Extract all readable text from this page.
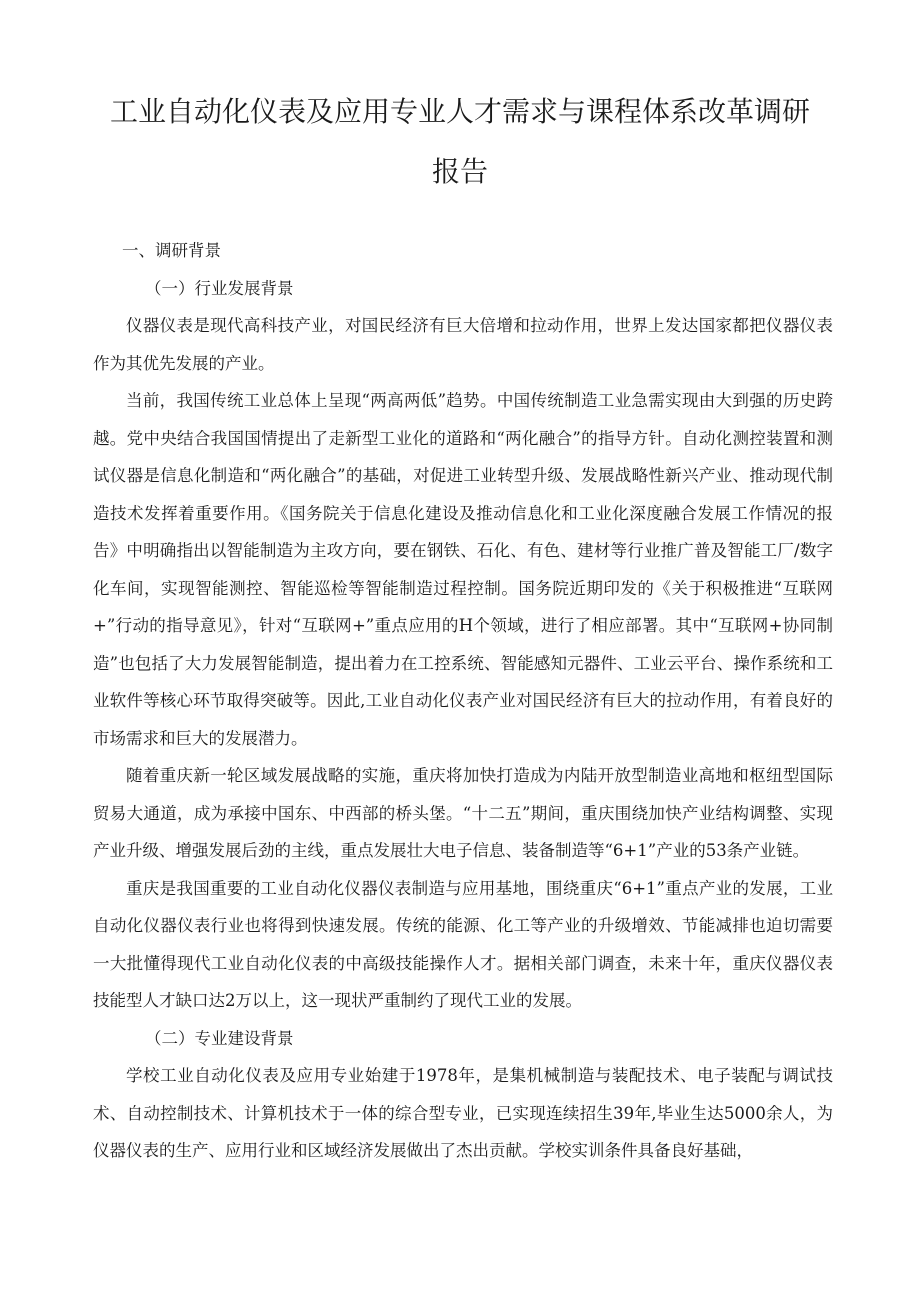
工业自动化仪表及应用专业人才需求与课程体系改革调研
报告

一、调研背景

（一）行业发展背景

仪器仪表是现代高科技产业，对国民经济有巨大倍增和拉动作用，世界上发达国家都把仪器仪表作为其优先发展的产业。

当前，我国传统工业总体上呈现“两高两低”趋势。中国传统制造工业急需实现由大到强的历史跨越。党中央结合我国国情提出了走新型工业化的道路和“两化融合”的指导方针。自动化测控装置和测试仪器是信息化制造和“两化融合”的基础，对促进工业转型升级、发展战略性新兴产业、推动现代制造技术发挥着重要作用。《国务院关于信息化建设及推动信息化和工业化深度融合发展工作情况的报告》中明确指出以智能制造为主攻方向，要在钢铁、石化、有色、建材等行业推广普及智能工厂/数字化车间，实现智能测控、智能巡检等智能制造过程控制。国务院近期印发的《关于积极推进“互联网+”行动的指导意见》，针对“互联网+”重点应用的H个领域，进行了相应部署。其中“互联网+协同制造”也包括了大力发展智能制造，提出着力在工控系统、智能感知元器件、工业云平台、操作系统和工业软件等核心环节取得突破等。因此,工业自动化仪表产业对国民经济有巨大的拉动作用，有着良好的市场需求和巨大的发展潜力。

随着重庆新一轮区域发展战略的实施，重庆将加快打造成为内陆开放型制造业高地和枢纽型国际贸易大通道，成为承接中国东、中西部的桥头堡。“十二五”期间，重庆围绕加快产业结构调整、实现产业升级、增强发展后劲的主线，重点发展壮大电子信息、装备制造等“6+1”产业的53条产业链。

重庆是我国重要的工业自动化仪器仪表制造与应用基地，围绕重庆“6+1”重点产业的发展，工业自动化仪器仪表行业也将得到快速发展。传统的能源、化工等产业的升级增效、节能减排也迫切需要一大批懂得现代工业自动化仪表的中高级技能操作人才。据相关部门调查，未来十年，重庆仪器仪表技能型人才缺口达2万以上，这一现状严重制约了现代工业的发展。

（二）专业建设背景

学校工业自动化仪表及应用专业始建于1978年，是集机械制造与装配技术、电子装配与调试技术、自动控制技术、计算机技术于一体的综合型专业，已实现连续招生39年,毕业生达5000余人，为仪器仪表的生产、应用行业和区域经济发展做出了杰出贡献。学校实训条件具备良好基础，
